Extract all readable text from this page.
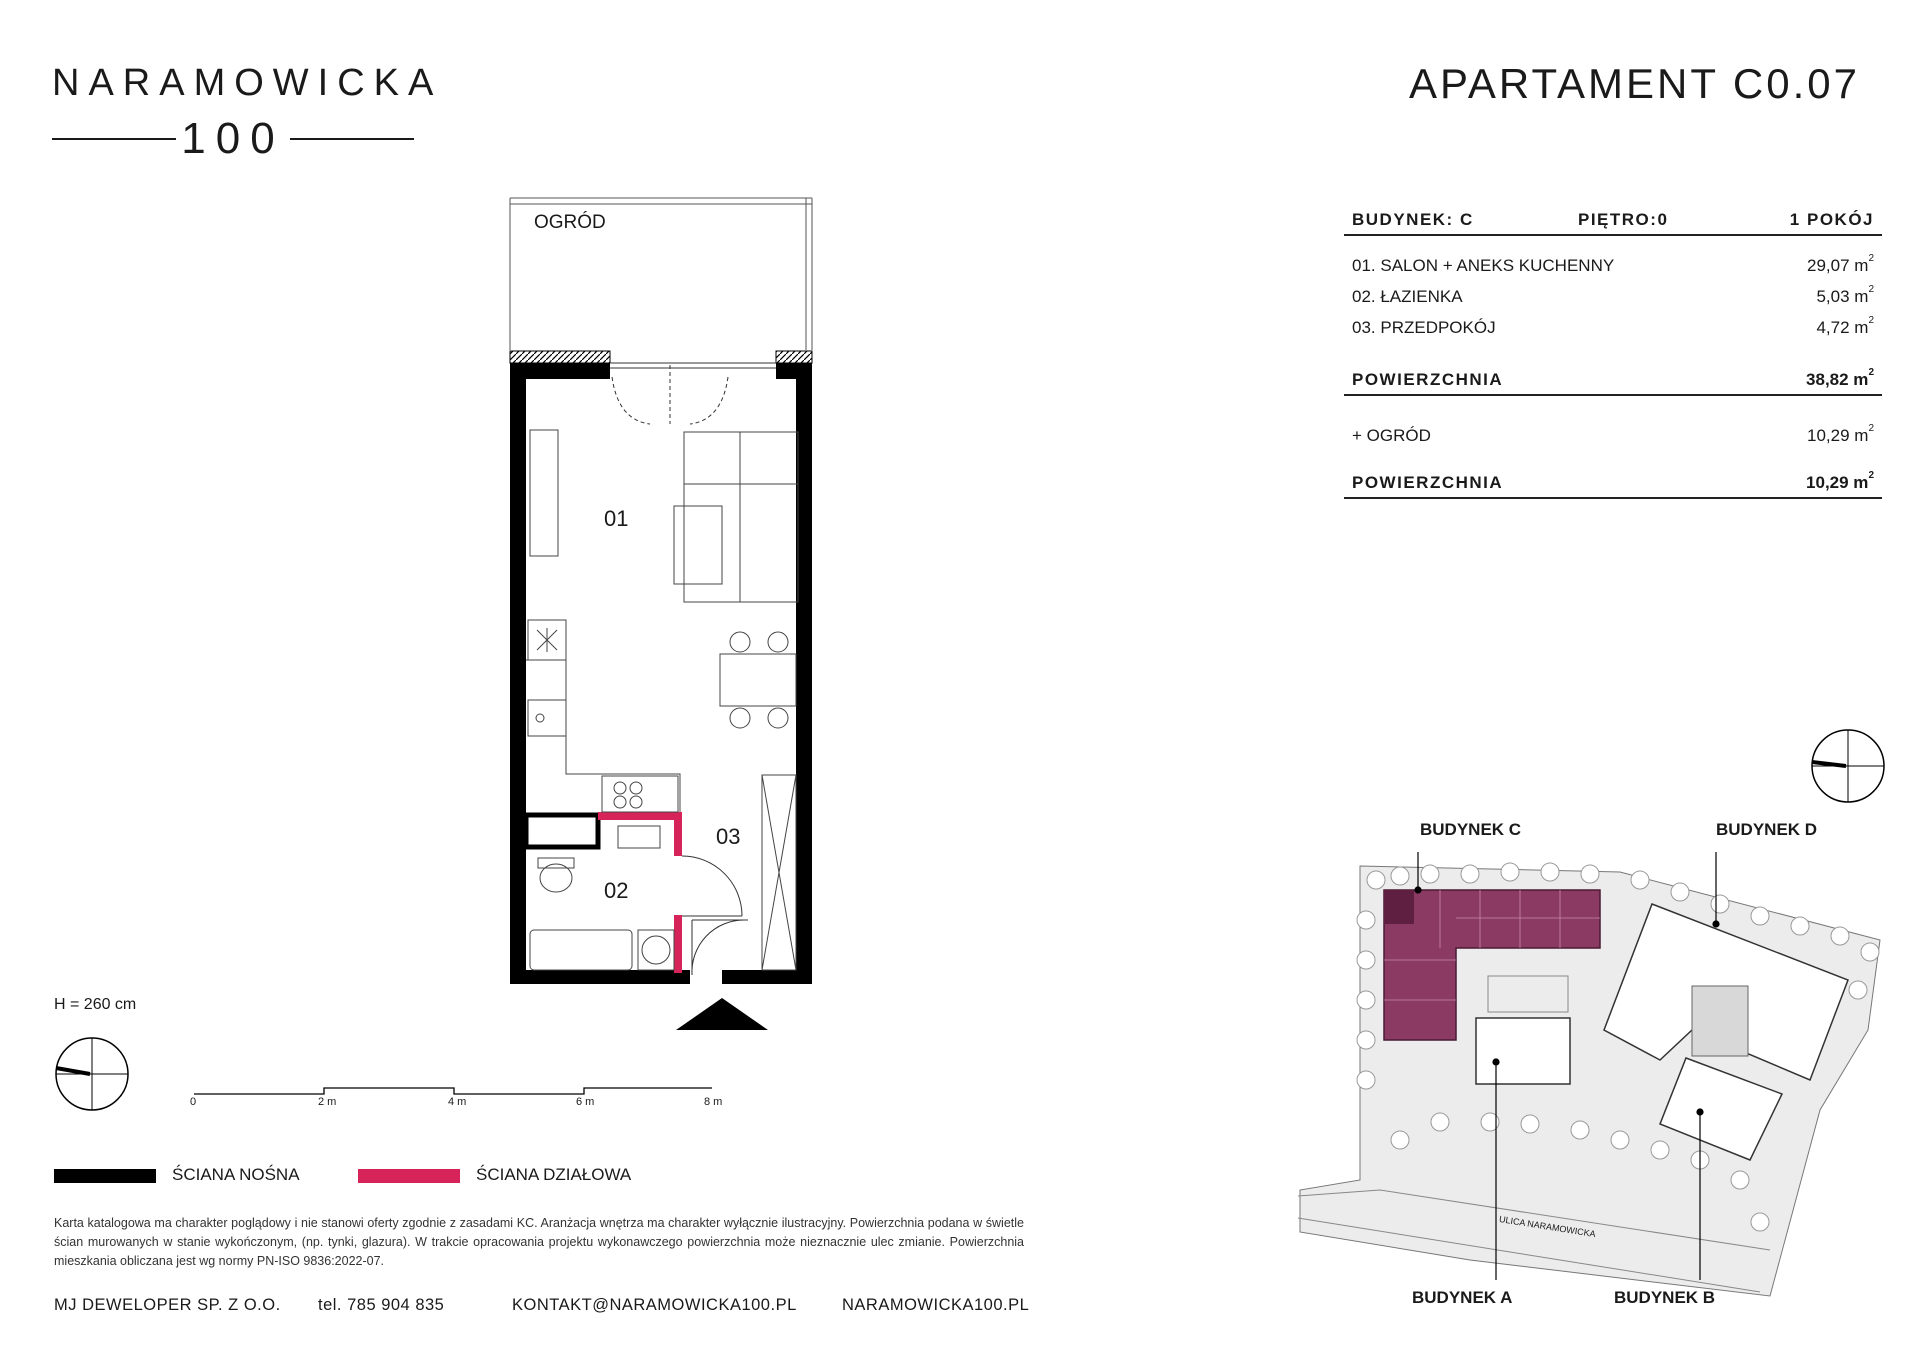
NARAMOWICKA
100
APARTAMENT C0.07
BUDYNEK: C	PIĘTRO:0	1 POKÓJ
01. SALON + ANEKS KUCHENNY	29,07 $m^2$
02. ŁAZIENKA	5,03 $m^2$
03. PRZEDPOKÓJ	4,72 $m^2$
POWIERZCHNIA	38,82 $m^2$
+ OGRÓD	10,29 $m^2$
POWIERZCHNIA	10,29 $m^2$
OGRÓD
01
02
03
H = 260 cm
0	2 m	4 m	6 m	8 m
ŚCIANA NOŚNA	ŚCIANA DZIAŁOWA
Karta katalogowa ma charakter poglądowy i nie stanowi oferty zgodnie z zasadami KC. Aranżacja wnętrza ma charakter wyłącznie ilustracyjny. Powierzchnia podana w świetle ścian murowanych w stanie wykończonym, (np. tynki, glazura). W trakcie opracowania projektu wykonawczego powierzchnia może nieznacznie ulec zmianie. Powierzchnia mieszkania obliczana jest wg normy PN-ISO 9836:2022-07.
MJ DEWELOPER SP. Z O.O. tel. 785 904 835	KONTAKT@NARAMOWICKA100.PL	NARAMOWICKA100.PL
BUDYNEK C	BUDYNEK D
BUDYNEK A	BUDYNEK B
ULICA NARAMOWICKA
